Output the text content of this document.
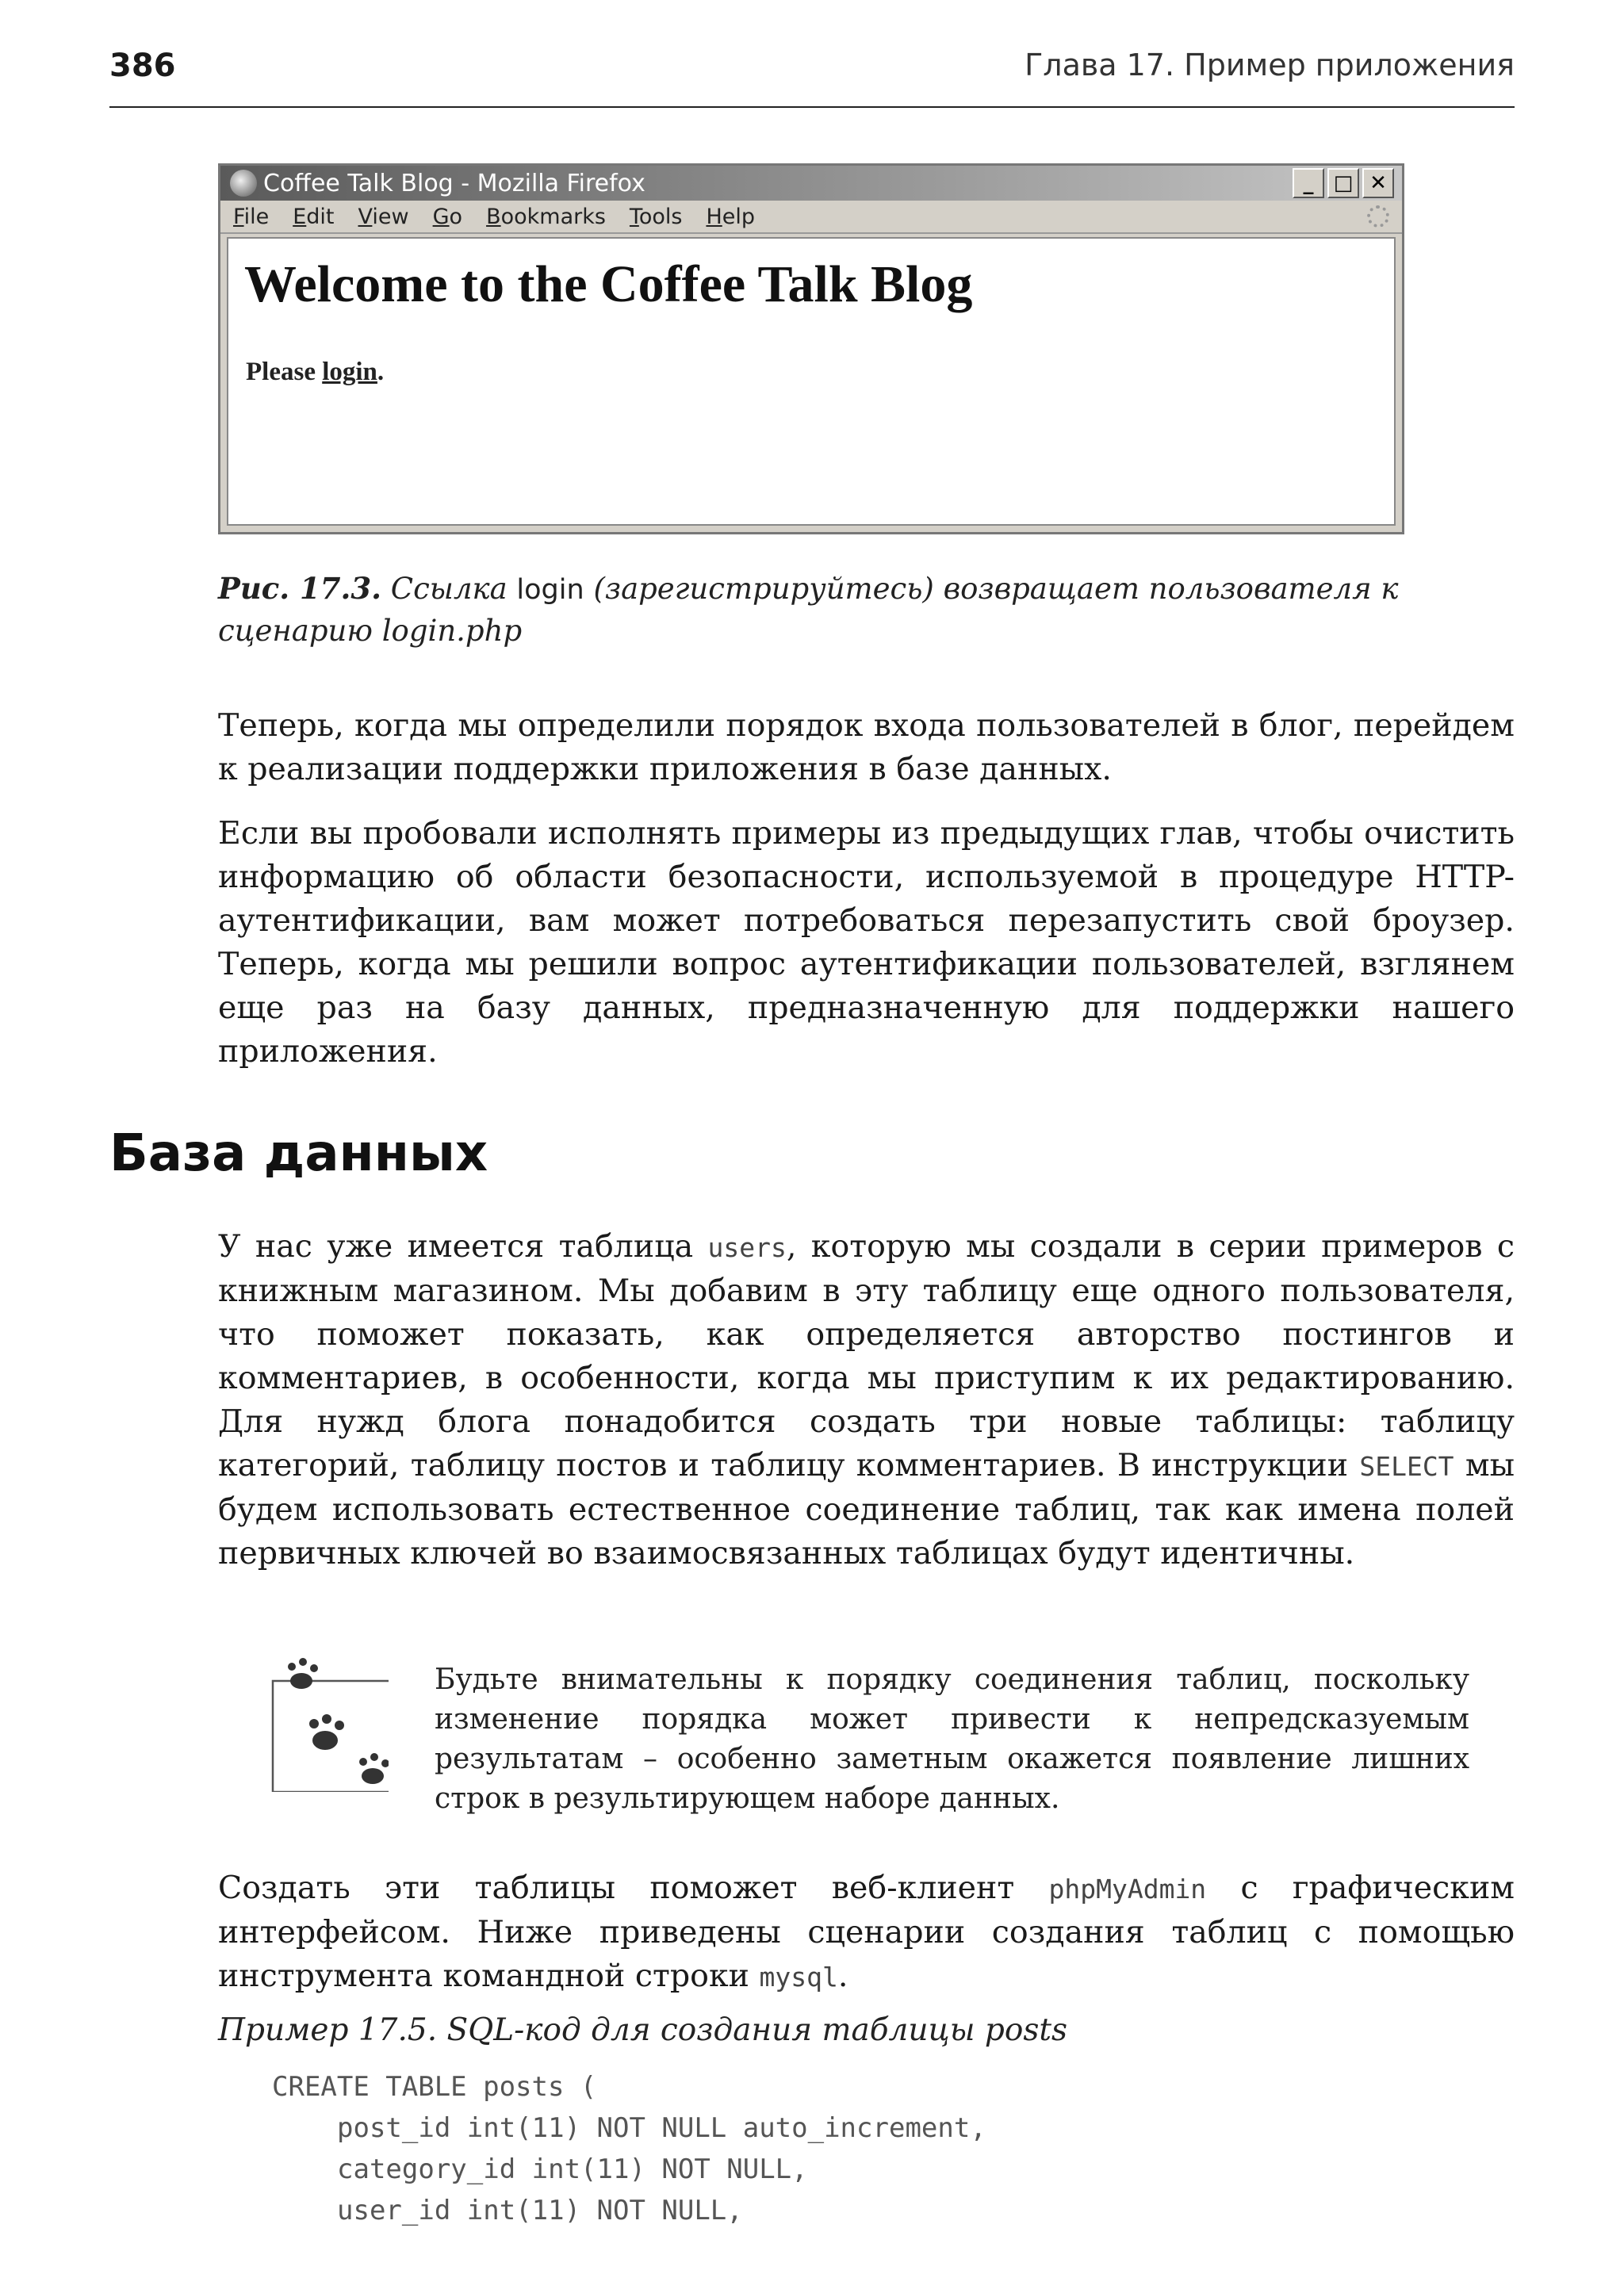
386	Глава 17. Пример приложения
Coffee Talk Blog - Mozilla Firefox	_ □ ✕
File Edit View Go Bookmarks Tools Help
Welcome to the Coffee Talk Blog
Please login.
Рис. 17.3. Ссылка login (зарегистрируйтесь) возвращает пользователя к сценарию login.php

Теперь, когда мы определили порядок входа пользователей в блог, перейдем к реализации поддержки приложения в базе данных.

Если вы пробовали исполнять примеры из предыдущих глав, чтобы очистить информацию об области безопасности, используемой в процедуре HTTP-аутентификации, вам может потребоваться перезапустить свой броузер. Теперь, когда мы решили вопрос аутентификации пользователей, взглянем еще раз на базу данных, предназначенную для поддержки нашего приложения.

База данных

У нас уже имеется таблица users, которую мы создали в серии примеров с книжным магазином. Мы добавим в эту таблицу еще одного пользователя, что поможет показать, как определяется авторство постингов и комментариев, в особенности, когда мы приступим к их редактированию. Для нужд блога понадобится создать три новые таблицы: таблицу категорий, таблицу постов и таблицу комментариев. В инструкции SELECT мы будем использовать естественное соединение таблиц, так как имена полей первичных ключей во взаимосвязанных таблицах будут идентичны.

Будьте внимательны к порядку соединения таблиц, поскольку изменение порядка может привести к непредсказуемым результатам – особенно заметным окажется появление лишних строк в результирующем наборе данных.

Создать эти таблицы поможет веб-клиент phpMyAdmin с графическим интерфейсом. Ниже приведены сценарии создания таблиц с помощью инструмента командной строки mysql.

Пример 17.5. SQL-код для создания таблицы posts

CREATE TABLE posts (
post_id int(11) NOT NULL auto_increment,
category_id int(11) NOT NULL,
user_id int(11) NOT NULL,
